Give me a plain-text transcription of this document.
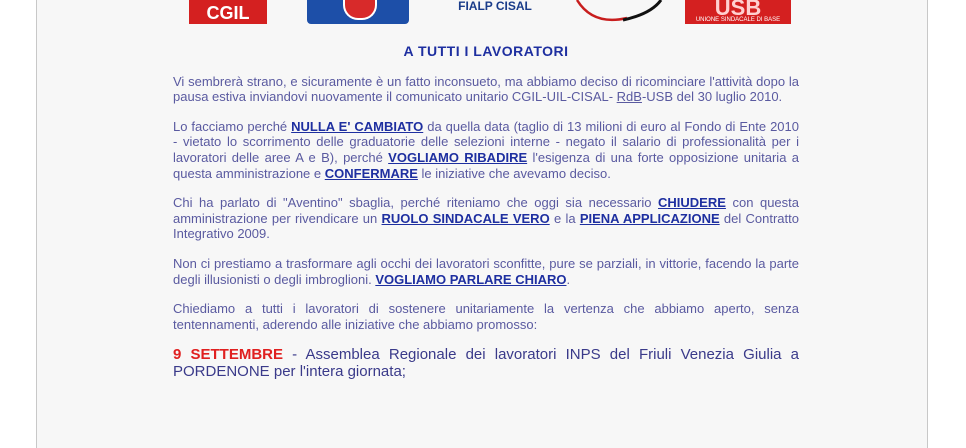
CGIL	FIALP CISAL	USB
UNIONE SINDACALE DI BASE
A TUTTI I LAVORATORI

Vi sembrerà strano, e sicuramente è un fatto inconsueto, ma abbiamo deciso di ricominciare l'attività dopo la pausa estiva inviandovi nuovamente il comunicato unitario CGIL-UIL-CISAL- RdB-USB del 30 luglio 2010.

Lo facciamo perché NULLA E' CAMBIATO da quella data (taglio di 13 milioni di euro al Fondo di Ente 2010 - vietato lo scorrimento delle graduatorie delle selezioni interne - negato il salario di professionalità per i lavoratori delle aree A e B), perché VOGLIAMO RIBADIRE l'esigenza di una forte opposizione unitaria a questa amministrazione e CONFERMARE le iniziative che avevamo deciso.

Chi ha parlato di "Aventino" sbaglia, perché riteniamo che oggi sia necessario CHIUDERE con questa amministrazione per rivendicare un RUOLO SINDACALE VERO e la PIENA APPLICAZIONE del Contratto Integrativo 2009.

Non ci prestiamo a trasformare agli occhi dei lavoratori sconfitte, pure se parziali, in vittorie, facendo la parte degli illusionisti o degli imbroglioni. VOGLIAMO PARLARE CHIARO.

Chiediamo a tutti i lavoratori di sostenere unitariamente la vertenza che abbiamo aperto, senza tentennamenti, aderendo alle iniziative che abbiamo promosso:

9 SETTEMBRE - Assemblea Regionale dei lavoratori INPS del Friuli Venezia Giulia a PORDENONE per l'intera giornata;
